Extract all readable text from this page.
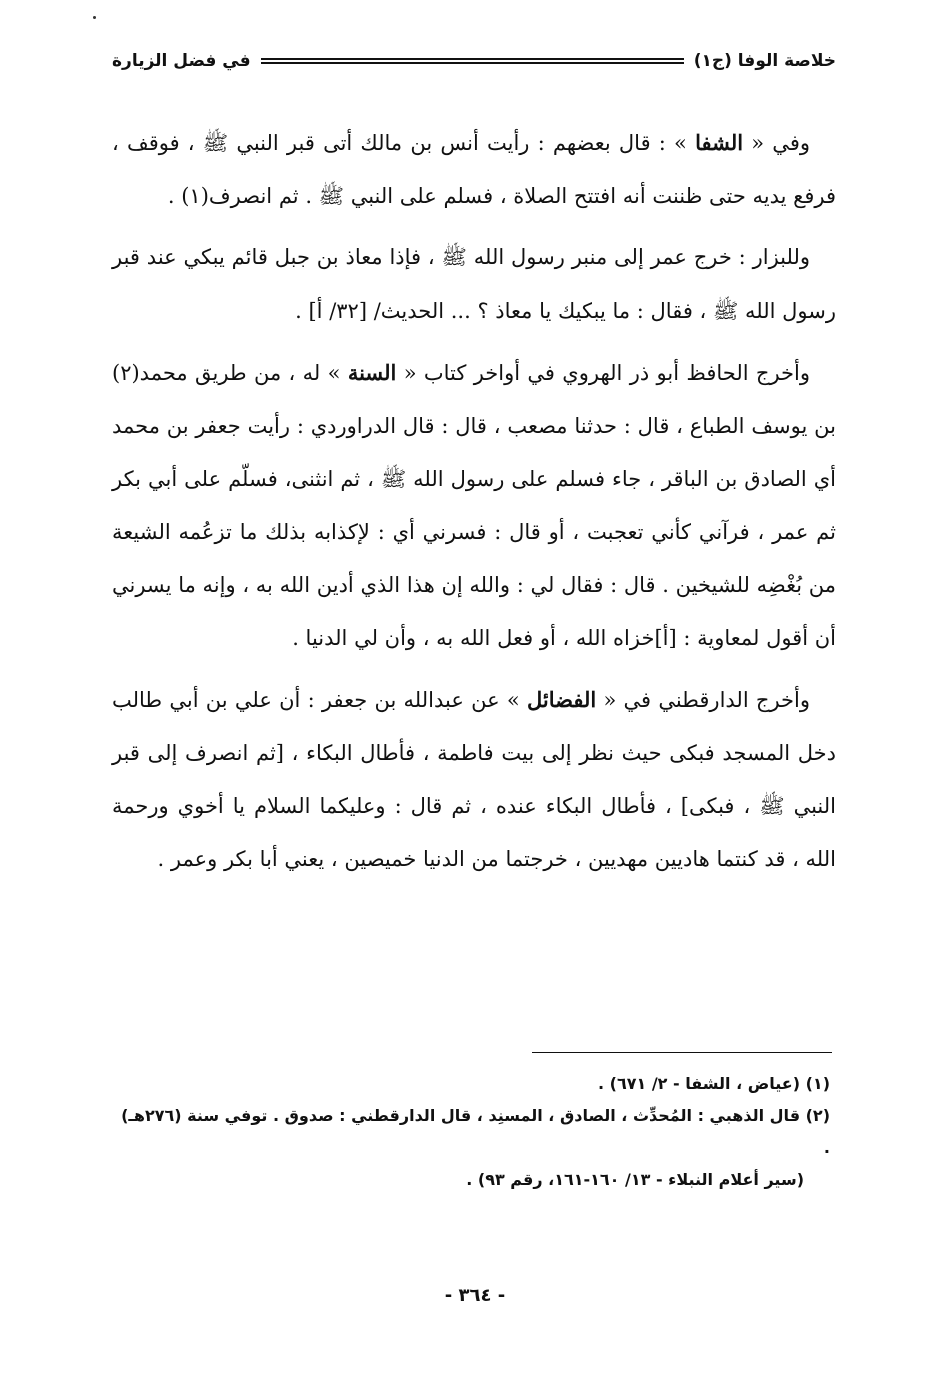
خلاصة الوفا (ج١)
في فضل الزيارة

وفي « الشفا » : قال بعضهم : رأيت أنس بن مالك أتى قبر النبي ﷺ ، فوقف ، فرفع يديه حتى ظننت أنه افتتح الصلاة ، فسلم على النبي ﷺ . ثم انصرف(١) .

وللبزار : خرج عمر إلى منبر رسول الله ﷺ ، فإذا معاذ بن جبل قائم يبكي عند قبر رسول الله ﷺ ، فقال : ما يبكيك يا معاذ ؟ ... الحديث/ [٣٢/ أ] .

وأخرج الحافظ أبو ذر الهروي في أواخر كتاب « السنة » له ، من طريق محمد(٢) بن يوسف الطباع ، قال : حدثنا مصعب ، قال : قال الدراوردي : رأيت جعفر بن محمد أي الصادق بن الباقر ، جاء فسلم على رسول الله ﷺ ، ثم انثنى، فسلّم على أبي بكر ثم عمر ، فرآني كأني تعجبت ، أو قال : فسرني أي : لإكذابه بذلك ما تزعُمه الشيعة من بُغْضِه للشيخين . قال : فقال لي : والله إن هذا الذي أدين الله به ، وإنه ما يسرني أن أقول لمعاوية : [أ]خزاه الله ، أو فعل الله به ، وأن لي الدنيا .

وأخرج الدارقطني في « الفضائل » عن عبدالله بن جعفر : أن علي بن أبي طالب دخل المسجد فبكى حيث نظر إلى بيت فاطمة ، فأطال البكاء ، [ثم انصرف إلى قبر النبي ﷺ ، فبكى] ، فأطال البكاء عنده ، ثم قال : وعليكما السلام يا أخوي ورحمة الله ، قد كنتما هاديين مهديين ، خرجتما من الدنيا خميصين ، يعني أبا بكر وعمر .

(١) (عياض ، الشفا - ٢/ ٦٧١) .

(٢) قال الذهبي : المُحدِّث ، الصادق ، المسنِد ، قال الدارقطني : صدوق . توفي سنة (٢٧٦هـ) .
(سير أعلام النبلاء - ١٣/ ١٦٠-١٦١، رقم ٩٣) .

- ٣٦٤ -
